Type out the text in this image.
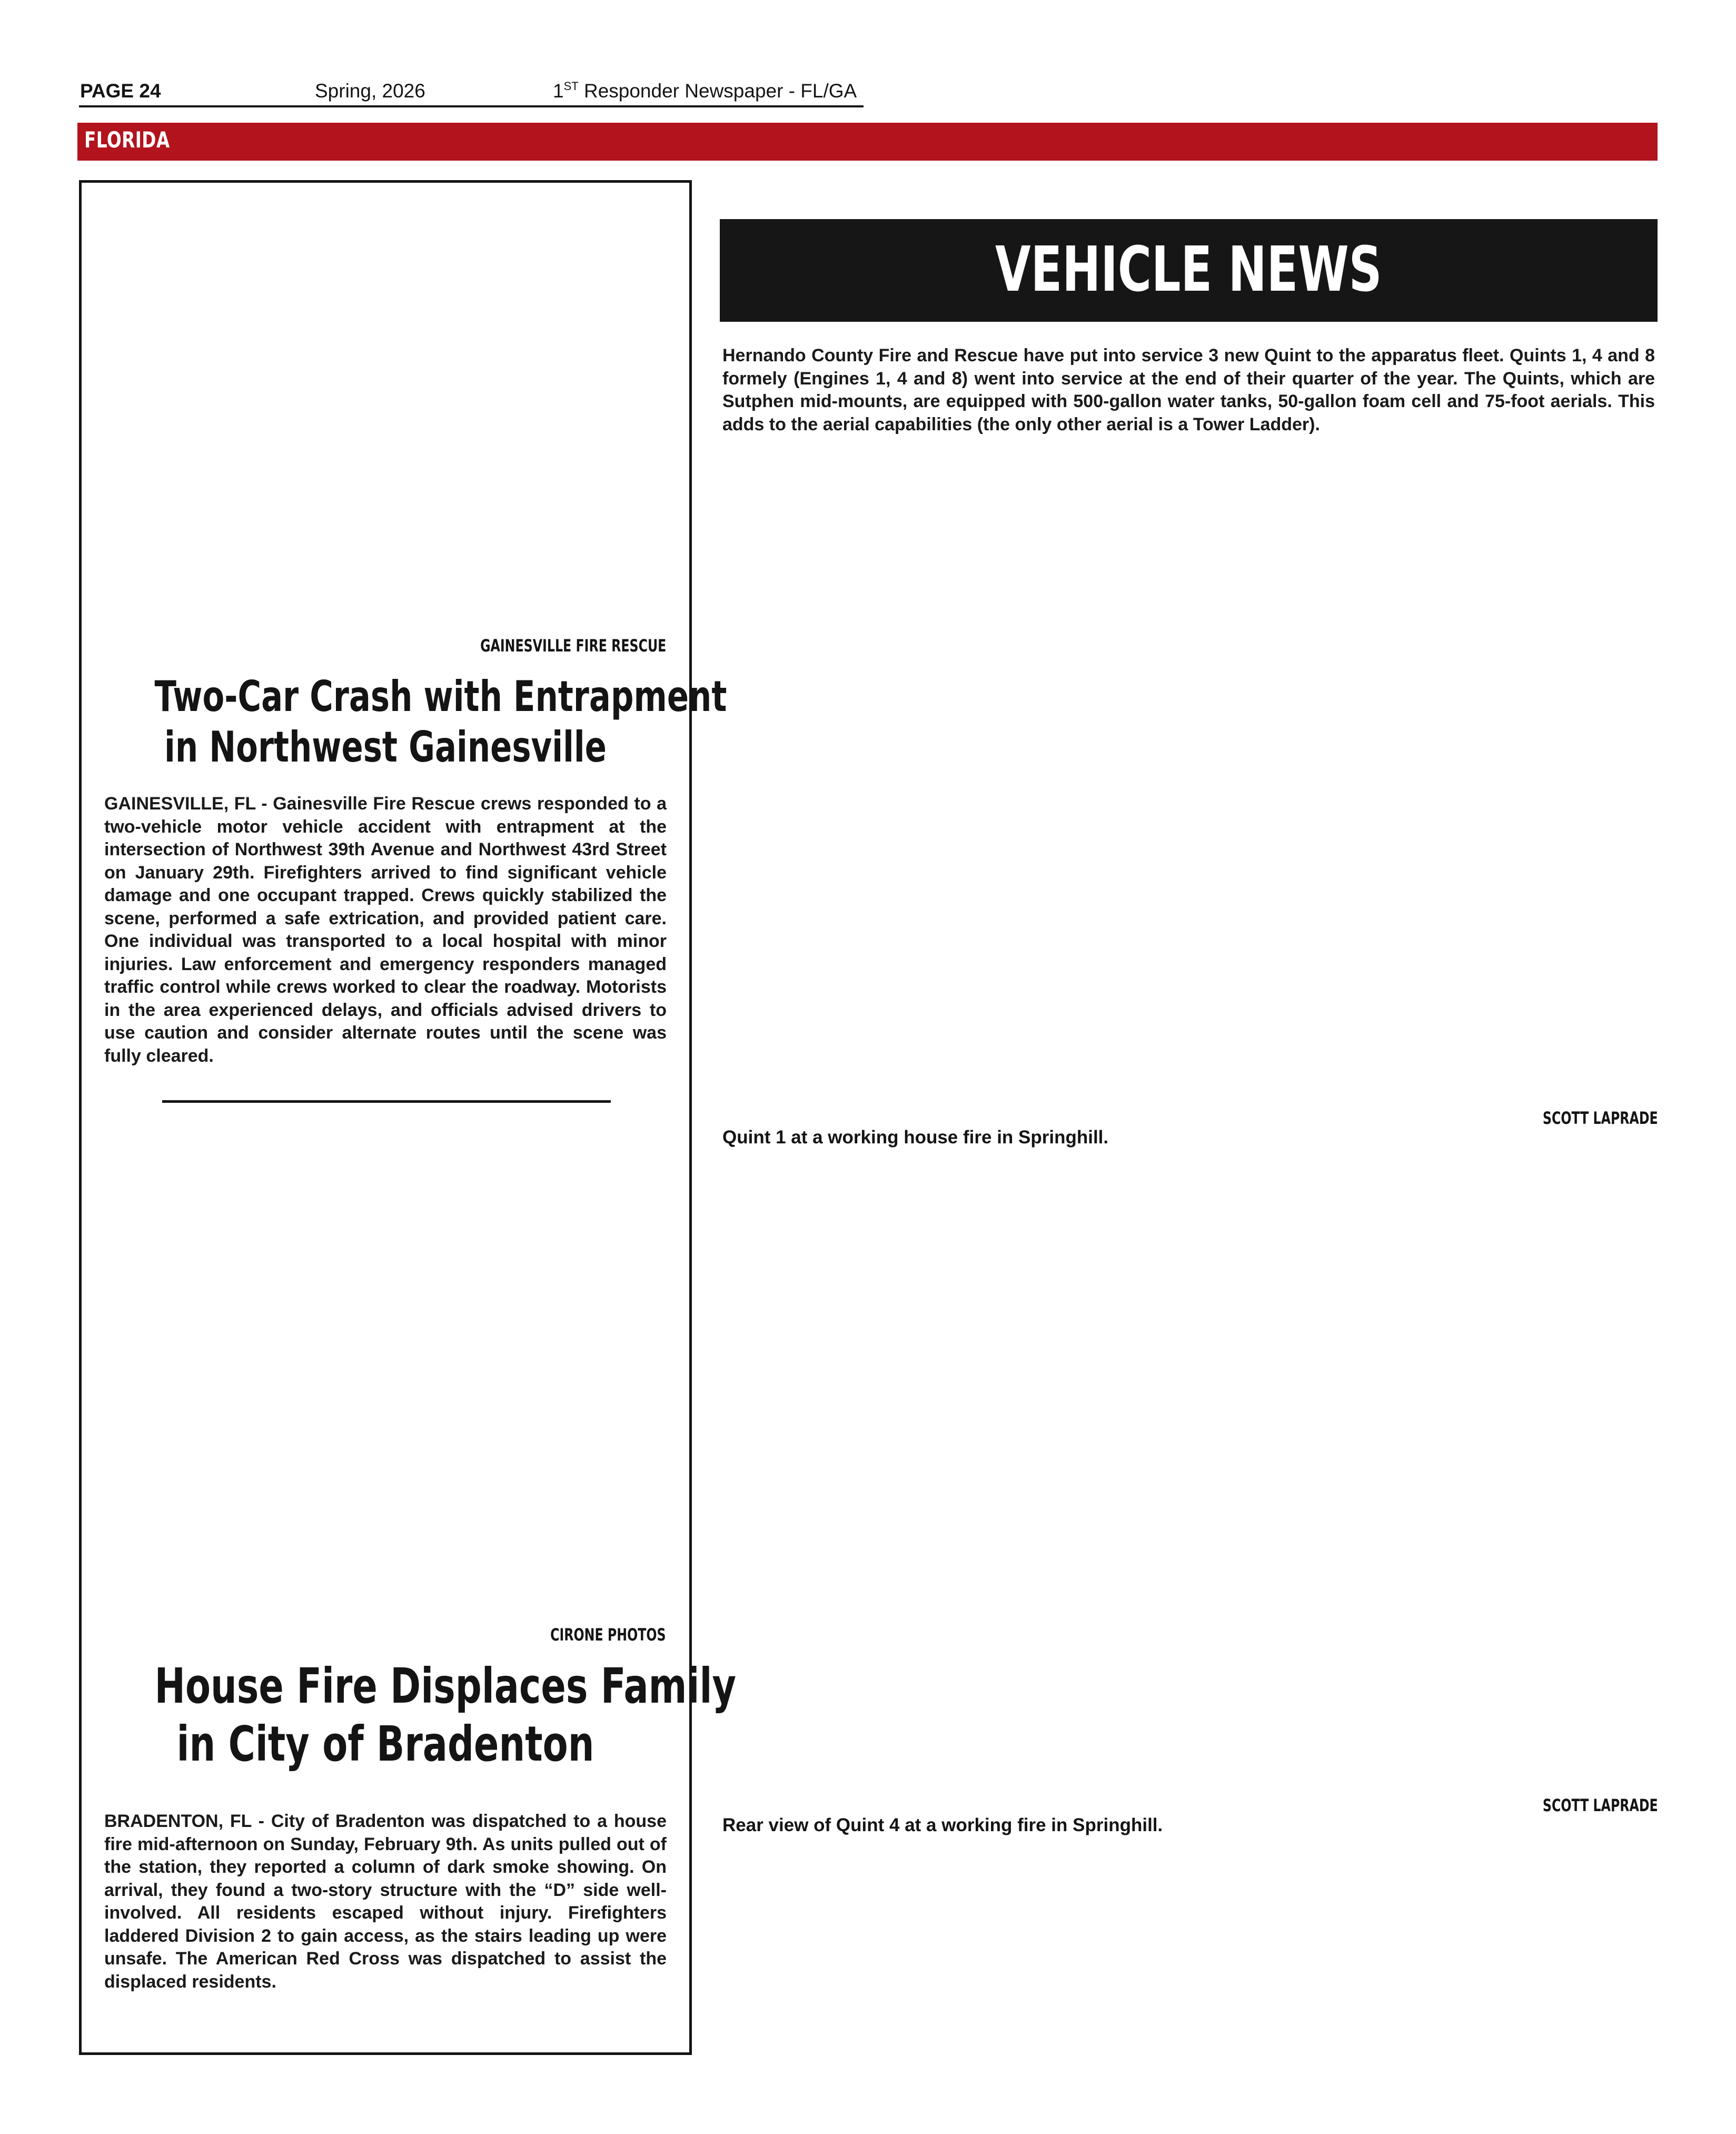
PAGE 24	Spring, 2026	1ST Responder Newspaper - FL/GA
FLORIDA
GAINESVILLE FIRE RESCUE
Two-Car Crash with Entrapment
in Northwest Gainesville
GAINESVILLE, FL - Gainesville Fire Rescue crews responded to a two-vehicle motor vehicle accident with entrapment at the intersection of Northwest 39th Avenue and Northwest 43rd Street on January 29th. Firefighters arrived to find significant vehicle damage and one occupant trapped. Crews quickly stabilized the scene, performed a safe extrication, and provided patient care. One individual was transported to a local hospital with minor injuries. Law enforcement and emergency responders managed traffic control while crews worked to clear the roadway. Motorists in the area experienced delays, and officials advised drivers to use caution and consider alternate routes until the scene was fully cleared.
CIRONE PHOTOS
House Fire Displaces Family
in City of Bradenton
BRADENTON, FL - City of Bradenton was dispatched to a house fire mid-afternoon on Sunday, February 9th. As units pulled out of the station, they reported a column of dark smoke showing. On arrival, they found a two-story structure with the “D” side well-involved. All residents escaped without injury. Firefighters laddered Division 2 to gain access, as the stairs leading up were unsafe. The American Red Cross was dispatched to assist the displaced residents.
VEHICLE NEWS
Hernando County Fire and Rescue have put into service 3 new Quint to the apparatus fleet. Quints 1, 4 and 8 formely (Engines 1, 4 and 8) went into service at the end of their quarter of the year. The Quints, which are Sutphen mid-mounts, are equipped with 500-gallon water tanks, 50-gallon foam cell and 75-foot aerials. This adds to the aerial capabilities (the only other aerial is a Tower Ladder).
SCOTT LAPRADE
Quint 1 at a working house fire in Springhill.
SCOTT LAPRADE
Rear view of Quint 4 at a working fire in Springhill.
